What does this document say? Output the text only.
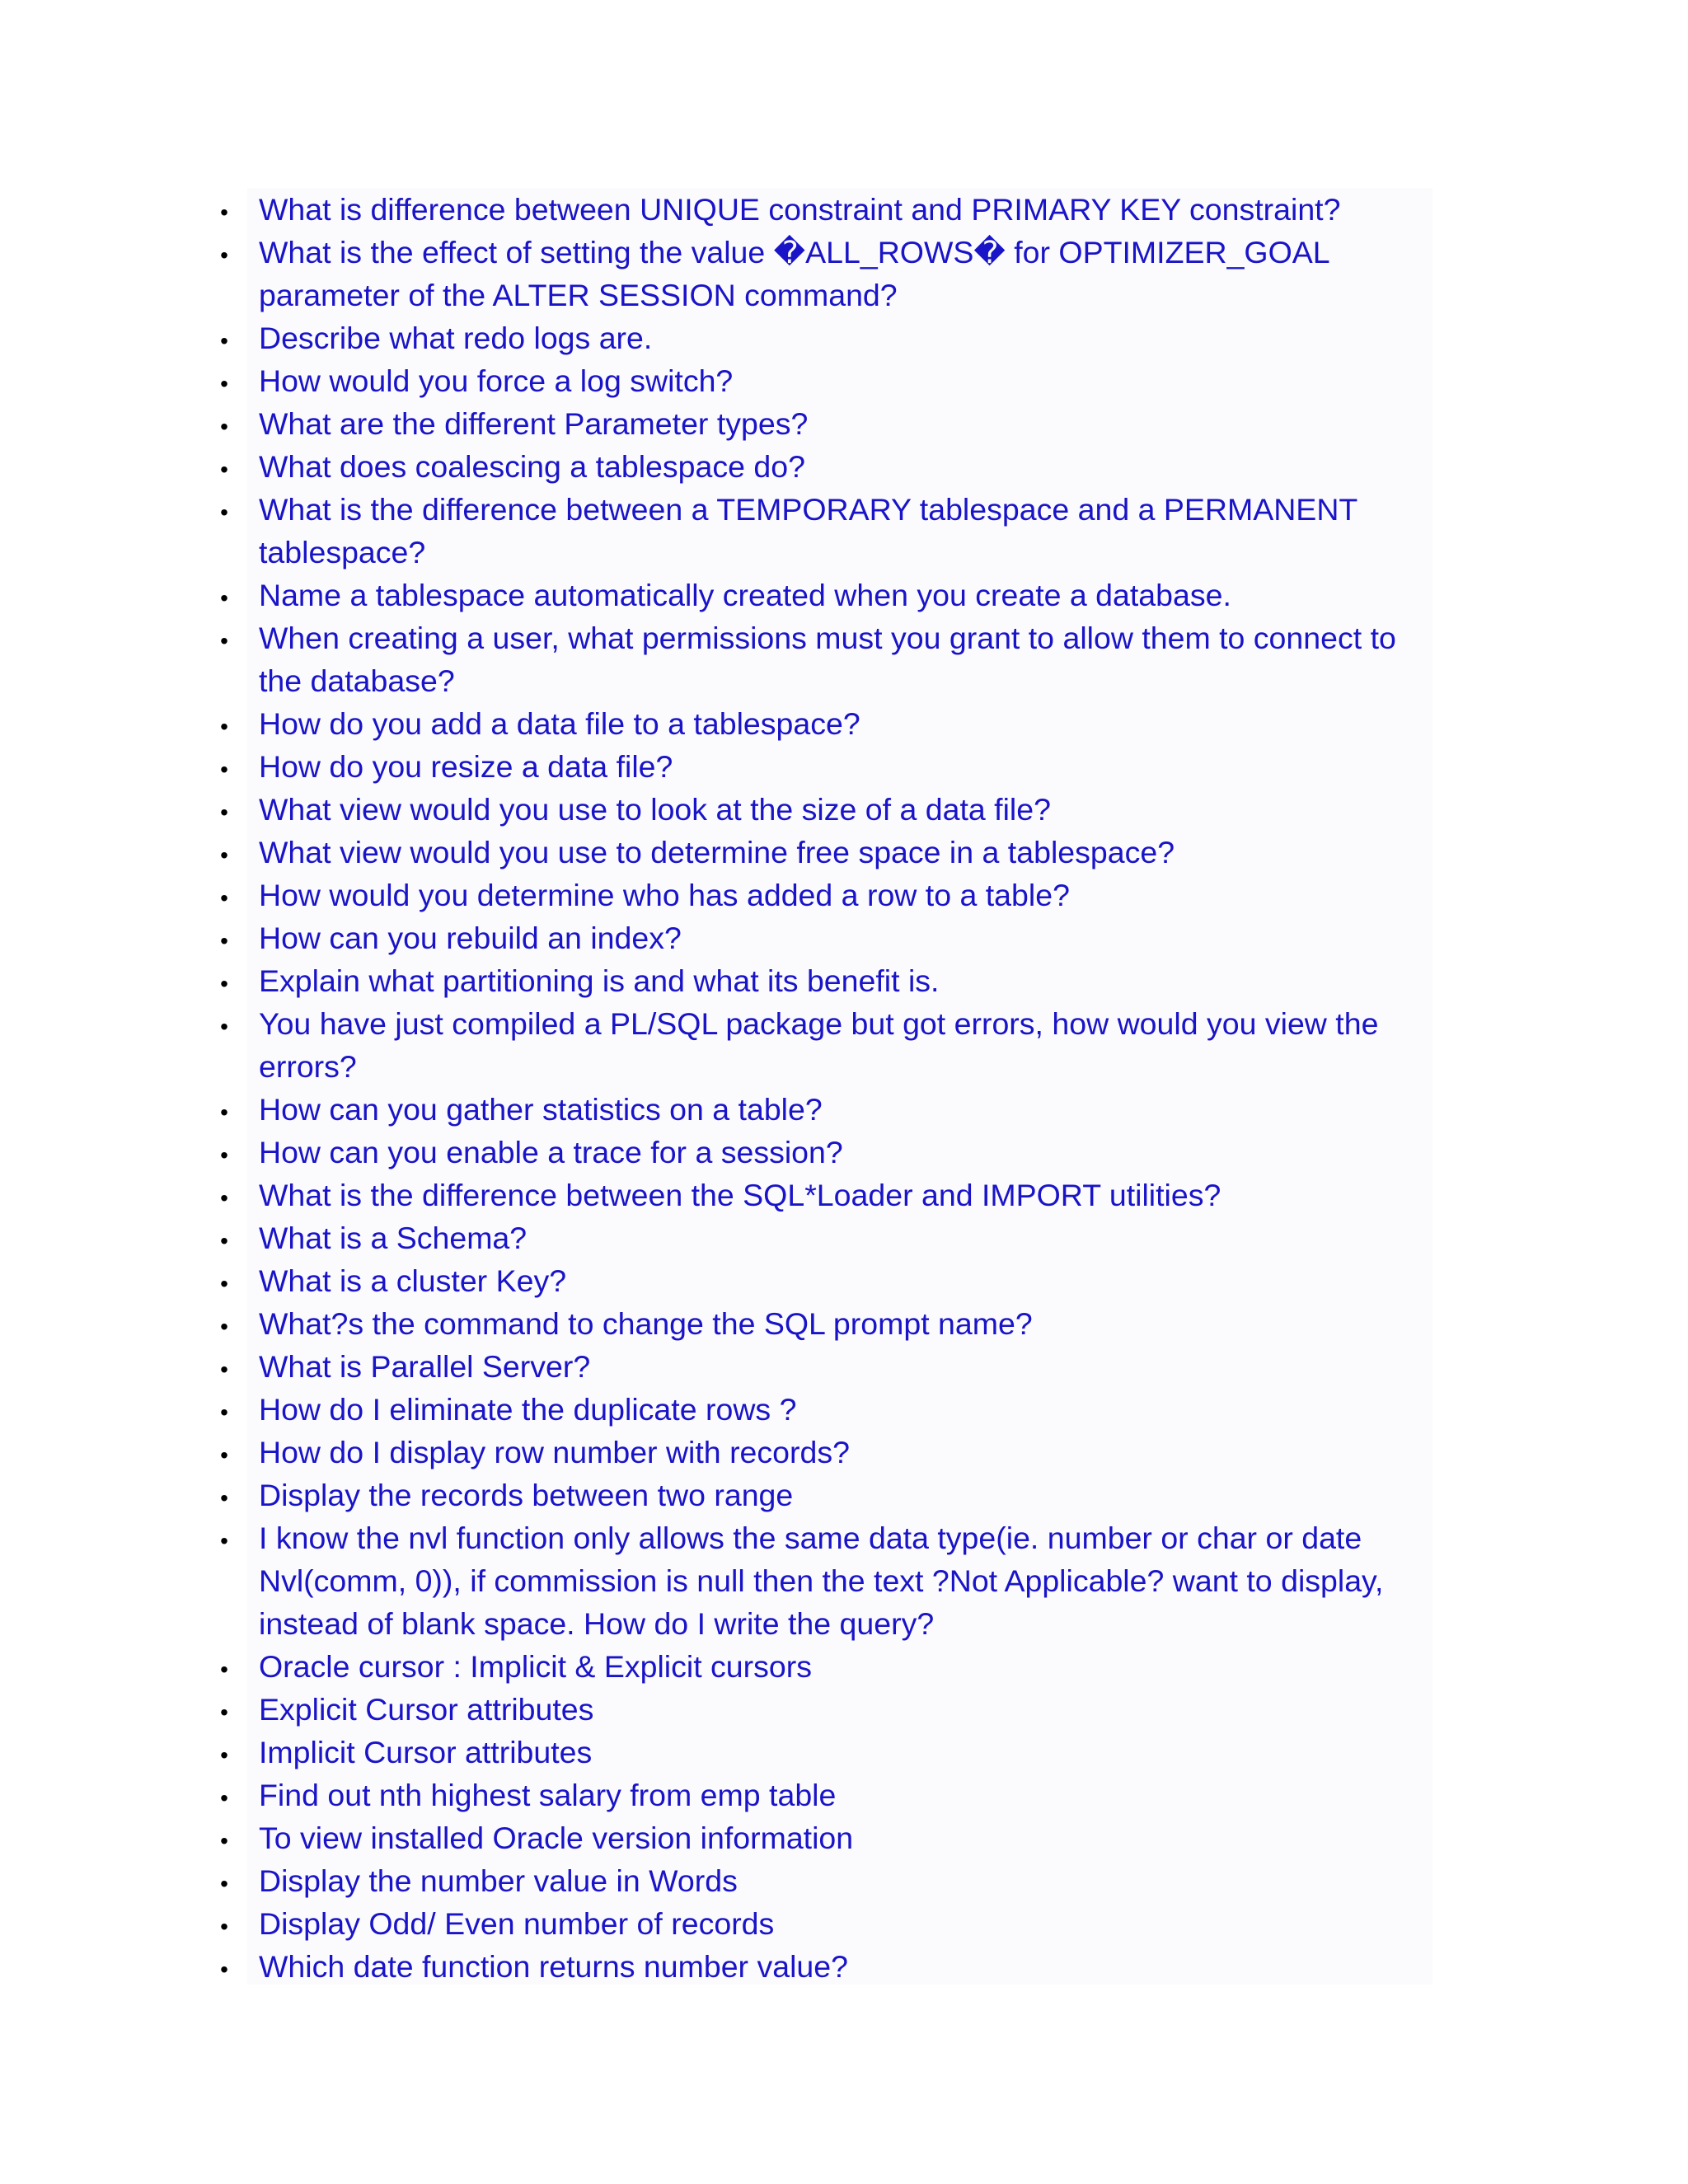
• What is difference between UNIQUE constraint and PRIMARY KEY constraint?
• What is the effect of setting the value �ALL_ROWS� for OPTIMIZER_GOAL parameter of the ALTER SESSION command?
• Describe what redo logs are.
• How would you force a log switch?
• What are the different Parameter types?
• What does coalescing a tablespace do?
• What is the difference between a TEMPORARY tablespace and a PERMANENT tablespace?
• Name a tablespace automatically created when you create a database.
• When creating a user, what permissions must you grant to allow them to connect to the database?
• How do you add a data file to a tablespace?
• How do you resize a data file?
• What view would you use to look at the size of a data file?
• What view would you use to determine free space in a tablespace?
• How would you determine who has added a row to a table?
• How can you rebuild an index?
• Explain what partitioning is and what its benefit is.
• You have just compiled a PL/SQL package but got errors, how would you view the errors?
• How can you gather statistics on a table?
• How can you enable a trace for a session?
• What is the difference between the SQL*Loader and IMPORT utilities?
• What is a Schema?
• What is a cluster Key?
• What?s the command to change the SQL prompt name?
• What is Parallel Server?
• How do I eliminate the duplicate rows ?
• How do I display row number with records?
• Display the records between two range
• I know the nvl function only allows the same data type(ie. number or char or date Nvl(comm, 0)), if commission is null then the text ?Not Applicable? want to display, instead of blank space. How do I write the query?
• Oracle cursor : Implicit & Explicit cursors
• Explicit Cursor attributes
• Implicit Cursor attributes
• Find out nth highest salary from emp table
• To view installed Oracle version information
• Display the number value in Words
• Display Odd/ Even number of records
• Which date function returns number value?
